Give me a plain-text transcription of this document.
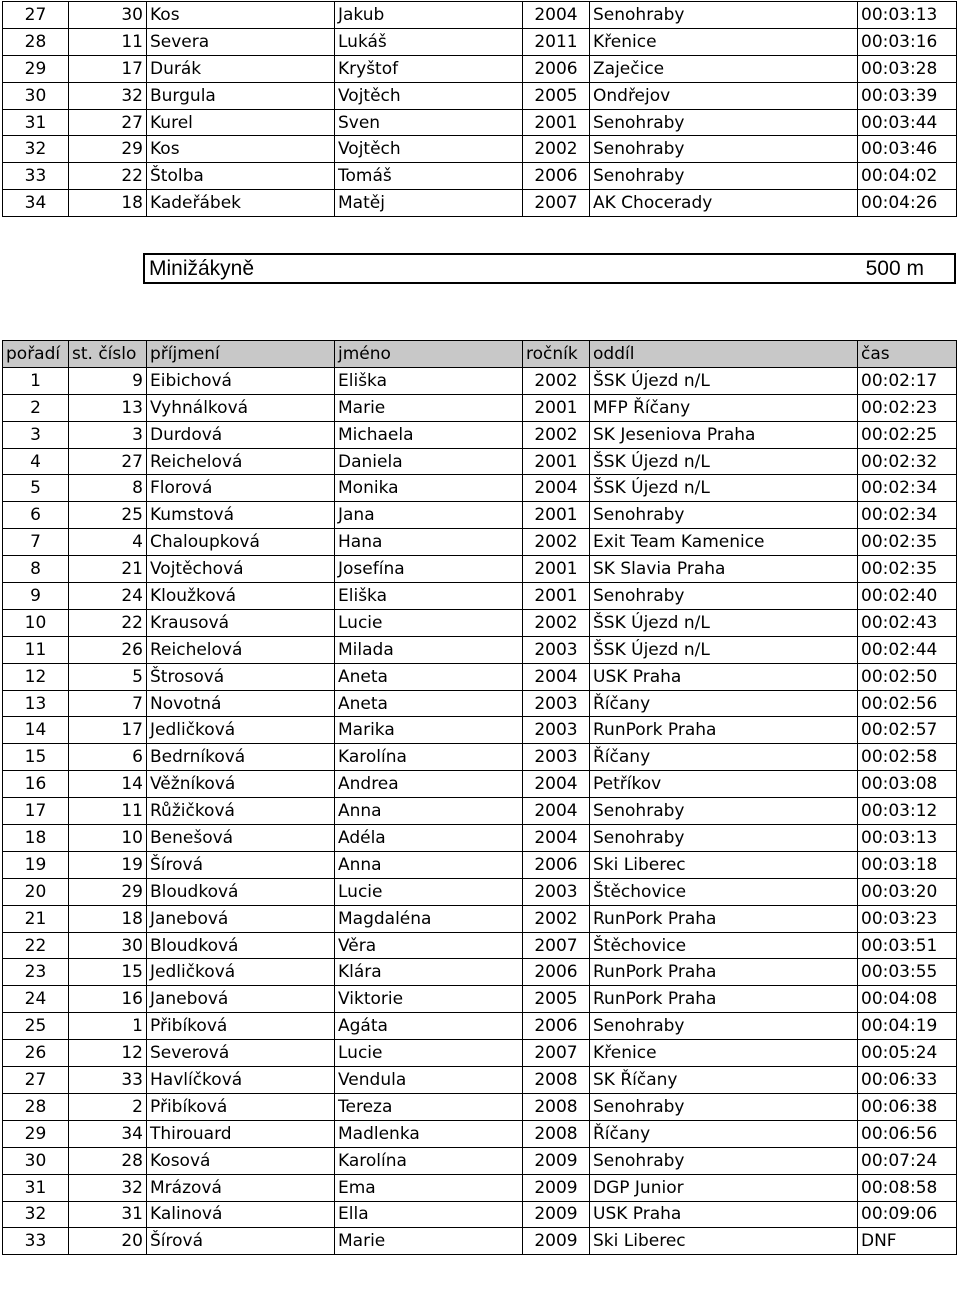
27	30	Kos	Jakub	2004	Senohraby	00:03:13
28	11	Severa	Lukáš	2011	Křenice	00:03:16
29	17	Durák	Kryštof	2006	Zaječice	00:03:28
30	32	Burgula	Vojtěch	2005	Ondřejov	00:03:39
31	27	Kurel	Sven	2001	Senohraby	00:03:44
32	29	Kos	Vojtěch	2002	Senohraby	00:03:46
33	22	Štolba	Tomáš	2006	Senohraby	00:04:02
34	18	Kadeřábek	Matěj	2007	AK Chocerady	00:04:26
Minižákyně	500 m
pořadí	st. číslo	příjmení	jméno	ročník	oddíl	čas
1	9	Eibichová	Eliška	2002	ŠSK Újezd n/L	00:02:17
2	13	Vyhnálková	Marie	2001	MFP Říčany	00:02:23
3	3	Durdová	Michaela	2002	SK Jeseniova Praha	00:02:25
4	27	Reichelová	Daniela	2001	ŠSK Újezd n/L	00:02:32
5	8	Florová	Monika	2004	ŠSK Újezd n/L	00:02:34
6	25	Kumstová	Jana	2001	Senohraby	00:02:34
7	4	Chaloupková	Hana	2002	Exit Team Kamenice	00:02:35
8	21	Vojtěchová	Josefína	2001	SK Slavia Praha	00:02:35
9	24	Kloužková	Eliška	2001	Senohraby	00:02:40
10	22	Krausová	Lucie	2002	ŠSK Újezd n/L	00:02:43
11	26	Reichelová	Milada	2003	ŠSK Újezd n/L	00:02:44
12	5	Štrosová	Aneta	2004	USK Praha	00:02:50
13	7	Novotná	Aneta	2003	Říčany	00:02:56
14	17	Jedličková	Marika	2003	RunPork Praha	00:02:57
15	6	Bedrníková	Karolína	2003	Říčany	00:02:58
16	14	Věžníková	Andrea	2004	Petříkov	00:03:08
17	11	Růžičková	Anna	2004	Senohraby	00:03:12
18	10	Benešová	Adéla	2004	Senohraby	00:03:13
19	19	Šírová	Anna	2006	Ski Liberec	00:03:18
20	29	Bloudková	Lucie	2003	Štěchovice	00:03:20
21	18	Janebová	Magdaléna	2002	RunPork Praha	00:03:23
22	30	Bloudková	Věra	2007	Štěchovice	00:03:51
23	15	Jedličková	Klára	2006	RunPork Praha	00:03:55
24	16	Janebová	Viktorie	2005	RunPork Praha	00:04:08
25	1	Přibíková	Agáta	2006	Senohraby	00:04:19
26	12	Severová	Lucie	2007	Křenice	00:05:24
27	33	Havlíčková	Vendula	2008	SK Říčany	00:06:33
28	2	Přibíková	Tereza	2008	Senohraby	00:06:38
29	34	Thirouard	Madlenka	2008	Říčany	00:06:56
30	28	Kosová	Karolína	2009	Senohraby	00:07:24
31	32	Mrázová	Ema	2009	DGP Junior	00:08:58
32	31	Kalinová	Ella	2009	USK Praha	00:09:06
33	20	Šírová	Marie	2009	Ski Liberec	DNF
